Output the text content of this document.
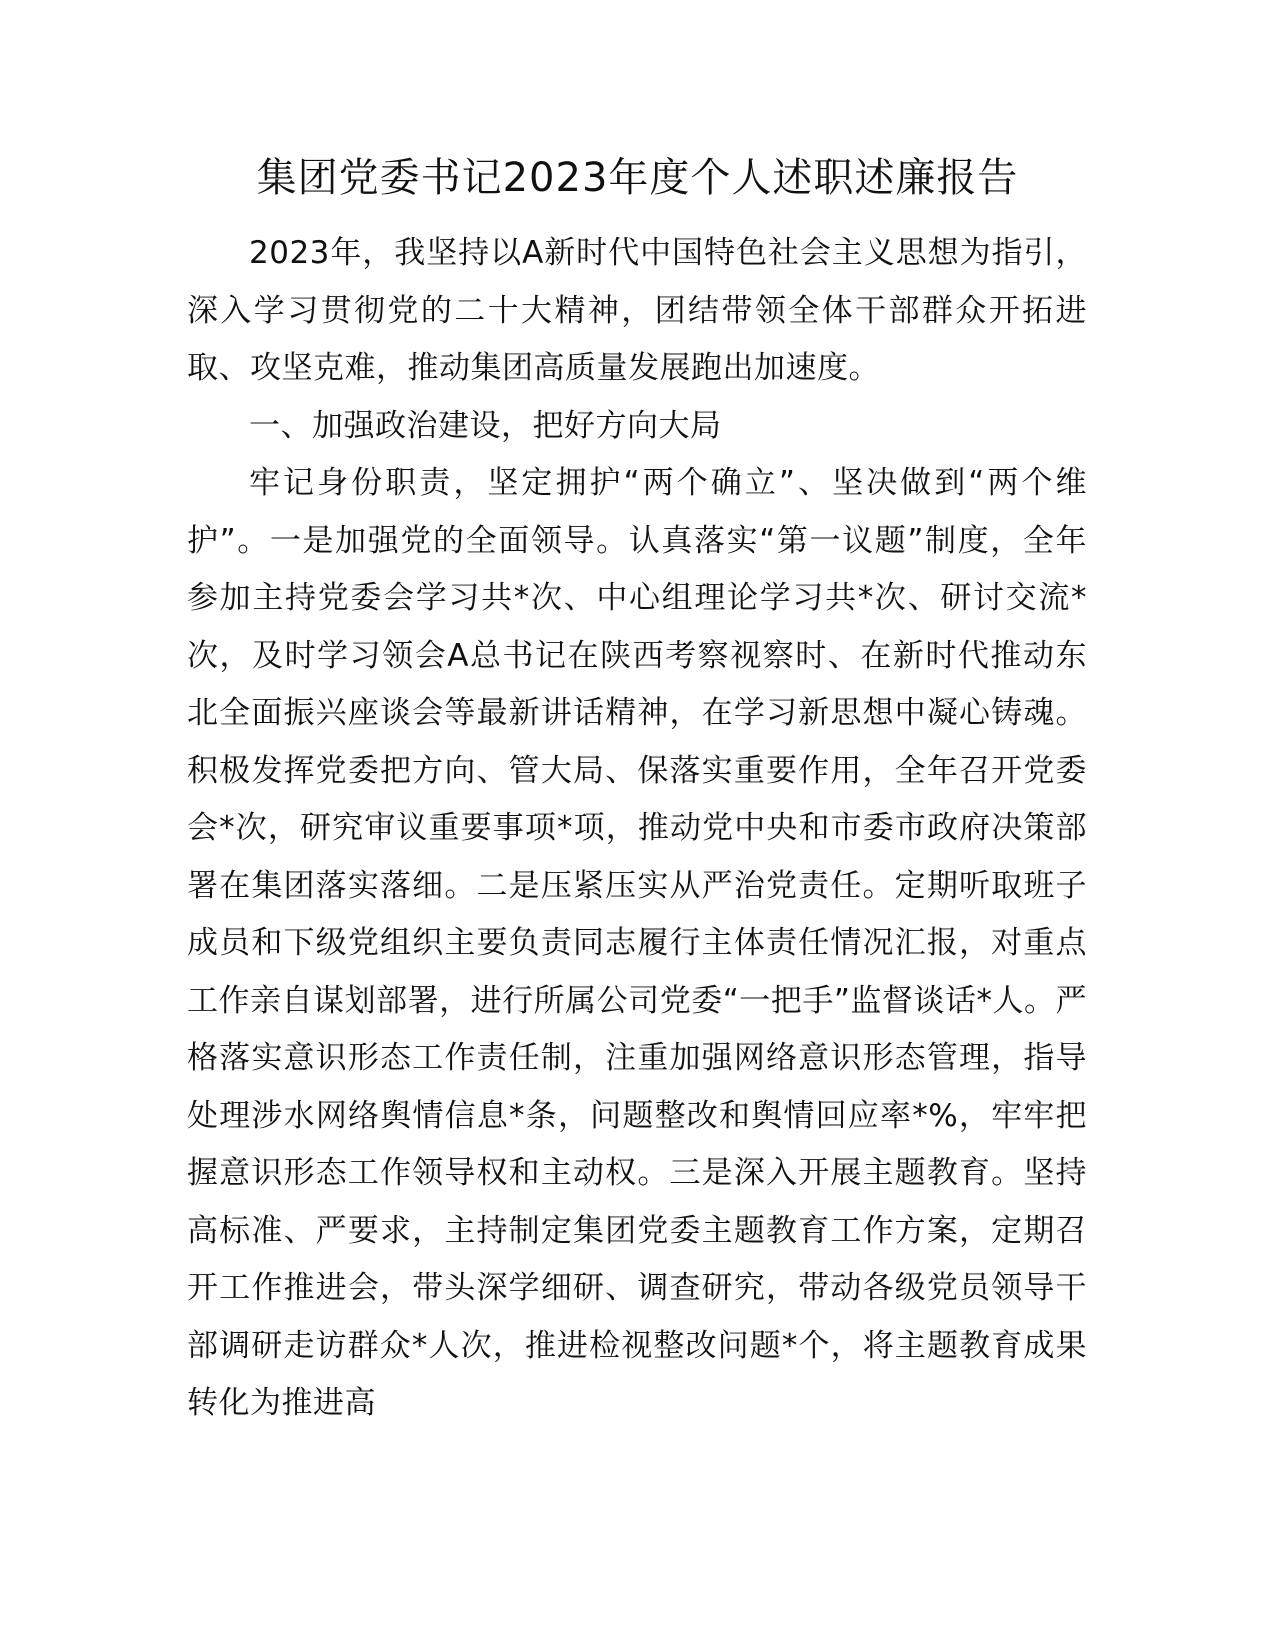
集团党委书记2023年度个人述职述廉报告

2023年，我坚持以A新时代中国特色社会主义思想为指引，深入学习贯彻党的二十大精神，团结带领全体干部群众开拓进取、攻坚克难，推动集团高质量发展跑出加速度。

一、加强政治建设，把好方向大局

牢记身份职责，坚定拥护“两个确立”、坚决做到“两个维护”。一是加强党的全面领导。认真落实“第一议题”制度，全年参加主持党委会学习共*次、中心组理论学习共*次、研讨交流*次，及时学习领会A总书记在陕西考察视察时、在新时代推动东北全面振兴座谈会等最新讲话精神，在学习新思想中凝心铸魂。积极发挥党委把方向、管大局、保落实重要作用，全年召开党委会*次，研究审议重要事项*项，推动党中央和市委市政府决策部署在集团落实落细。二是压紧压实从严治党责任。定期听取班子成员和下级党组织主要负责同志履行主体责任情况汇报，对重点工作亲自谋划部署，进行所属公司党委“一把手”监督谈话*人。严格落实意识形态工作责任制，注重加强网络意识形态管理，指导处理涉水网络舆情信息*条，问题整改和舆情回应率*%，牢牢把握意识形态工作领导权和主动权。三是深入开展主题教育。坚持高标准、严要求，主持制定集团党委主题教育工作方案，定期召开工作推进会，带头深学细研、调查研究，带动各级党员领导干部调研走访群众*人次，推进检视整改问题*个，将主题教育成果转化为推进高
